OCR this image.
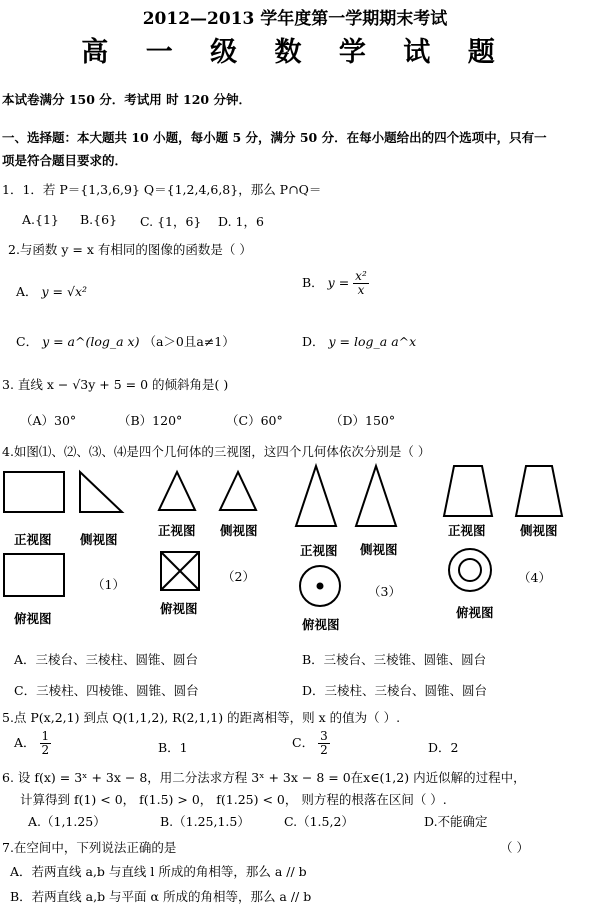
2012—2013 学年度第一学期期末考试
高 一 级 数 学 试 题
本试卷满分 150 分．考试用 时 120 分钟．
一、选择题：本大题共 10 小题，每小题 5 分，满分 50 分．在每小题给出的四个选项中，只有一
项是符合题目要求的．
1．1．若 P＝{1,3,6,9} Q＝{1,2,4,6,8}，那么 P∩Q＝
A.{1} B.{6} C. {1，6} D. 1，6
2.与函数 y = x 有相同的图像的函数是（ ）
A． y = √x²
B． $y = \frac{\text{x²}}{x}$
C． y = a^(log_a x) （a＞0且a≠1）	D． y = log_a a^x
3. 直线 x − √3y + 5 = 0 的倾斜角是( )
（A）30°	（B）120°	（C）60°	（D）150°
4.如图⑴、⑵、⑶、⑷是四个几何体的三视图，这四个几何体依次分别是（ ）
正视图 侧视图
俯视图
（1）
正视图 侧视图
俯视图
（2）
正视图 侧视图
俯视图
（3）
正视图	侧视图
俯视图
（4）
A．三棱台、三棱柱、圆锥、圆台	B．三棱台、三棱锥、圆锥、圆台
C．三棱柱、四棱锥、圆锥、圆台	D．三棱柱、三棱台、圆锥、圆台
5.点 P(x,2,1) 到点 Q(1,1,2), R(2,1,1) 的距离相等，则 x 的值为（ ）.
A． $\frac{1}{2}$	B．1	C． $\frac{3}{2}$	D．2
6. 设 f(x) = 3ˣ + 3x − 8，用二分法求方程 3ˣ + 3x − 8 = 0在x∈(1,2) 内近似解的过程中，
计算得到 f(1) < 0， f(1.5) > 0， f(1.25) < 0， 则方程的根落在区间（ ）.
A.（1,1.25）	B.（1.25,1.5）	C.（1.5,2）	D.不能确定
7.在空间中，下列说法正确的是	（ ）
A．若两直线 a,b 与直线 l 所成的角相等，那么 a // b
B．若两直线 a,b 与平面 α 所成的角相等，那么 a // b
